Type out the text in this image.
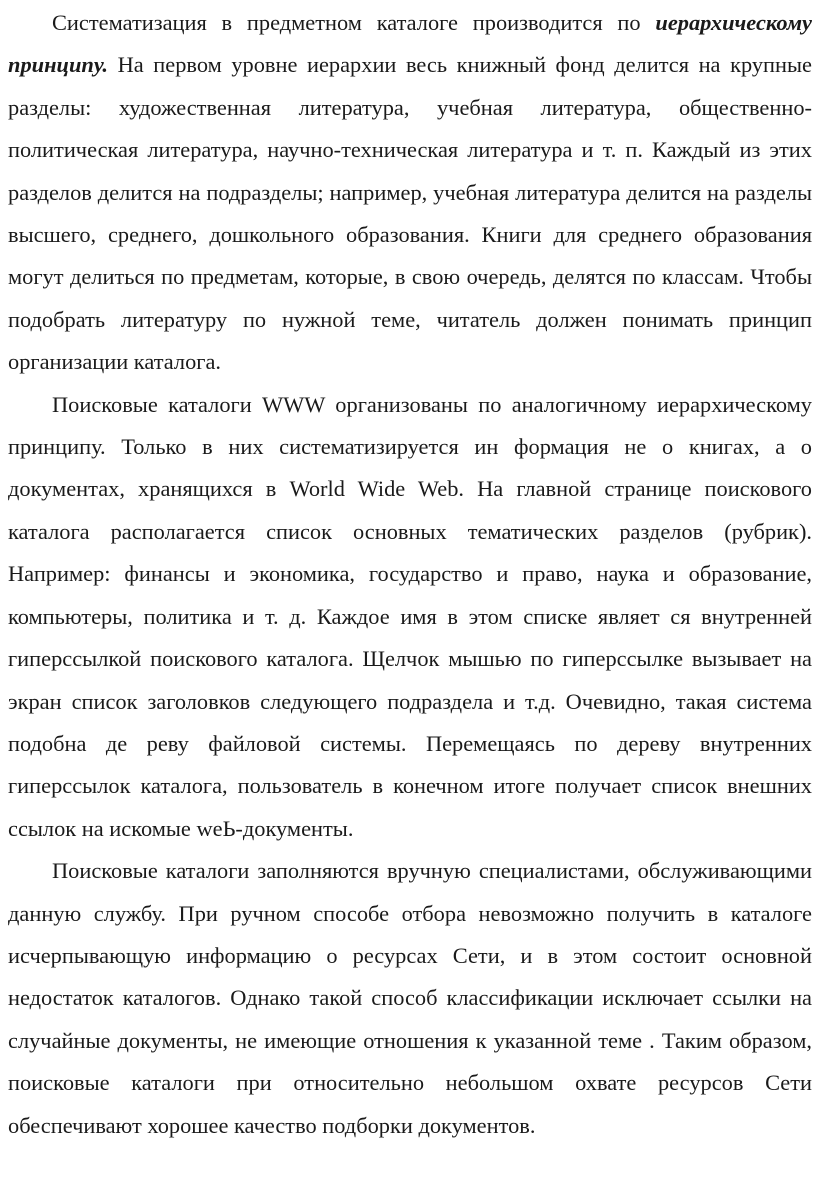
Систематизация в предметном каталоге производится по иерархическому принципу. На первом уровне иерархии весь книжный фонд делится на крупные разделы: художественная литература, учебная литература, общественно-политическая литература, научно-техническая литература и т. п. Каждый из этих разделов делится на подразделы; например, учебная литература делится на разделы высшего, среднего, дошкольного образования. Книги для среднего образования могут делиться по предметам, которые, в свою очередь, делятся по классам. Чтобы подобрать литературу по нужной теме, читатель должен понимать принцип организации каталога.

Поисковые каталоги WWW организованы по аналогичному иерархическому принципу. Только в них систематизируется ин формация не о книгах, а о документах, хранящихся в World Wide Web. На главной странице поискового каталога располагается список основных тематических разделов (рубрик). Например: финансы и экономика, государство и право, наука и образование, компьютеры, политика и т. д. Каждое имя в этом списке являет ся внутренней гиперссылкой поискового каталога. Щелчок мышью по гиперссылке вызывает на экран список заголовков следующего подраздела и т.д. Очевидно, такая система подобна де реву файловой системы. Перемещаясь по дереву внутренних гиперссылок каталога, пользователь в конечном итоге получает список внешних ссылок на искомые weЬ-документы.

Поисковые каталоги заполняются вручную специалистами, обслуживающими данную службу. При ручном способе отбора невозможно получить в каталоге исчерпывающую информацию о ресурсах Сети, и в этом состоит основной недостаток каталогов. Однако такой способ классификации исключает ссылки на случайные документы, не имеющие отношения к указанной теме . Таким образом, поисковые каталоги при относительно небольшом охвате ресурсов Сети обеспечивают хорошее качество подборки документов.
